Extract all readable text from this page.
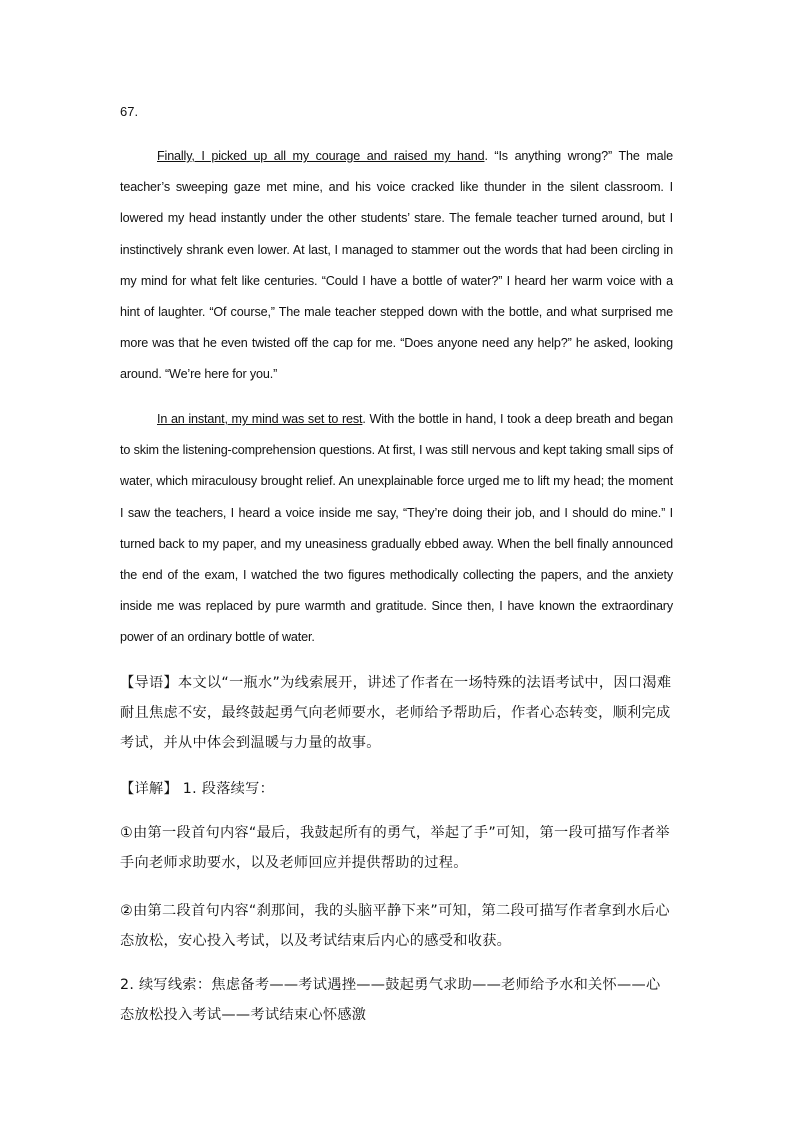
67.

Finally, I picked up all my courage and raised my hand. “Is anything wrong?” The male teacher’s sweeping gaze met mine, and his voice cracked like thunder in the silent classroom. I lowered my head instantly under the other students’ stare. The female teacher turned around, but I instinctively shrank even lower. At last, I managed to stammer out the words that had been circling in my mind for what felt like centuries. “Could I have a bottle of water?” I heard her warm voice with a hint of laughter. “Of course,” The male teacher stepped down with the bottle, and what surprised me more was that he even twisted off the cap for me. “Does anyone need any help?” he asked, looking around. “We’re here for you.”

In an instant, my mind was set to rest. With the bottle in hand, I took a deep breath and began to skim the listening-comprehension questions. At first, I was still nervous and kept taking small sips of water, which miraculousy brought relief. An unexplainable force urged me to lift my head; the moment I saw the teachers, I heard a voice inside me say, “They’re doing their job, and I should do mine.” I turned back to my paper, and my uneasiness gradually ebbed away. When the bell finally announced the end of the exam, I watched the two figures methodically collecting the papers, and the anxiety inside me was replaced by pure warmth and gratitude. Since then, I have known the extraordinary power of an ordinary bottle of water.

【导语】本文以“一瓶水”为线索展开，讲述了作者在一场特殊的法语考试中，因口渴难耐且焦虑不安，最终鼓起勇气向老师要水，老师给予帮助后，作者心态转变，顺利完成考试，并从中体会到温暖与力量的故事。

【详解】 1. 段落续写：

①由第一段首句内容“最后，我鼓起所有的勇气，举起了手”可知，第一段可描写作者举手向老师求助要水，以及老师回应并提供帮助的过程。

②由第二段首句内容“刹那间，我的头脑平静下来”可知，第二段可描写作者拿到水后心态放松，安心投入考试，以及考试结束后内心的感受和收获。

2. 续写线索：焦虑备考——考试遇挫——鼓起勇气求助——老师给予水和关怀——心态放松投入考试——考试结束心怀感激
